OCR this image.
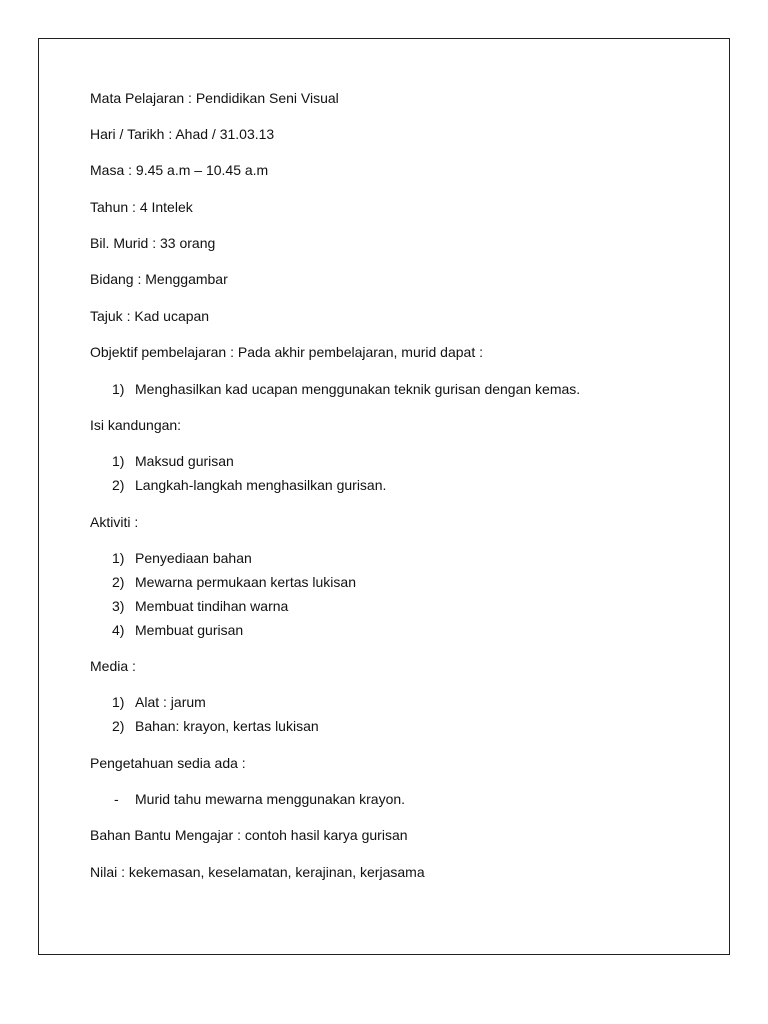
Mata Pelajaran : Pendidikan Seni Visual
Hari / Tarikh : Ahad / 31.03.13
Masa : 9.45 a.m – 10.45 a.m
Tahun : 4 Intelek
Bil. Murid : 33 orang
Bidang : Menggambar
Tajuk : Kad ucapan
Objektif pembelajaran : Pada akhir pembelajaran, murid dapat :
1) Menghasilkan kad ucapan menggunakan teknik gurisan dengan kemas.
Isi kandungan:
1) Maksud gurisan
2) Langkah-langkah menghasilkan gurisan.
Aktiviti :
1) Penyediaan bahan
2) Mewarna permukaan kertas lukisan
3) Membuat tindihan warna
4) Membuat gurisan
Media :
1) Alat : jarum
2) Bahan: krayon, kertas lukisan
Pengetahuan sedia ada :
- Murid tahu mewarna menggunakan krayon.
Bahan Bantu Mengajar : contoh hasil karya gurisan
Nilai : kekemasan, keselamatan, kerajinan, kerjasama
